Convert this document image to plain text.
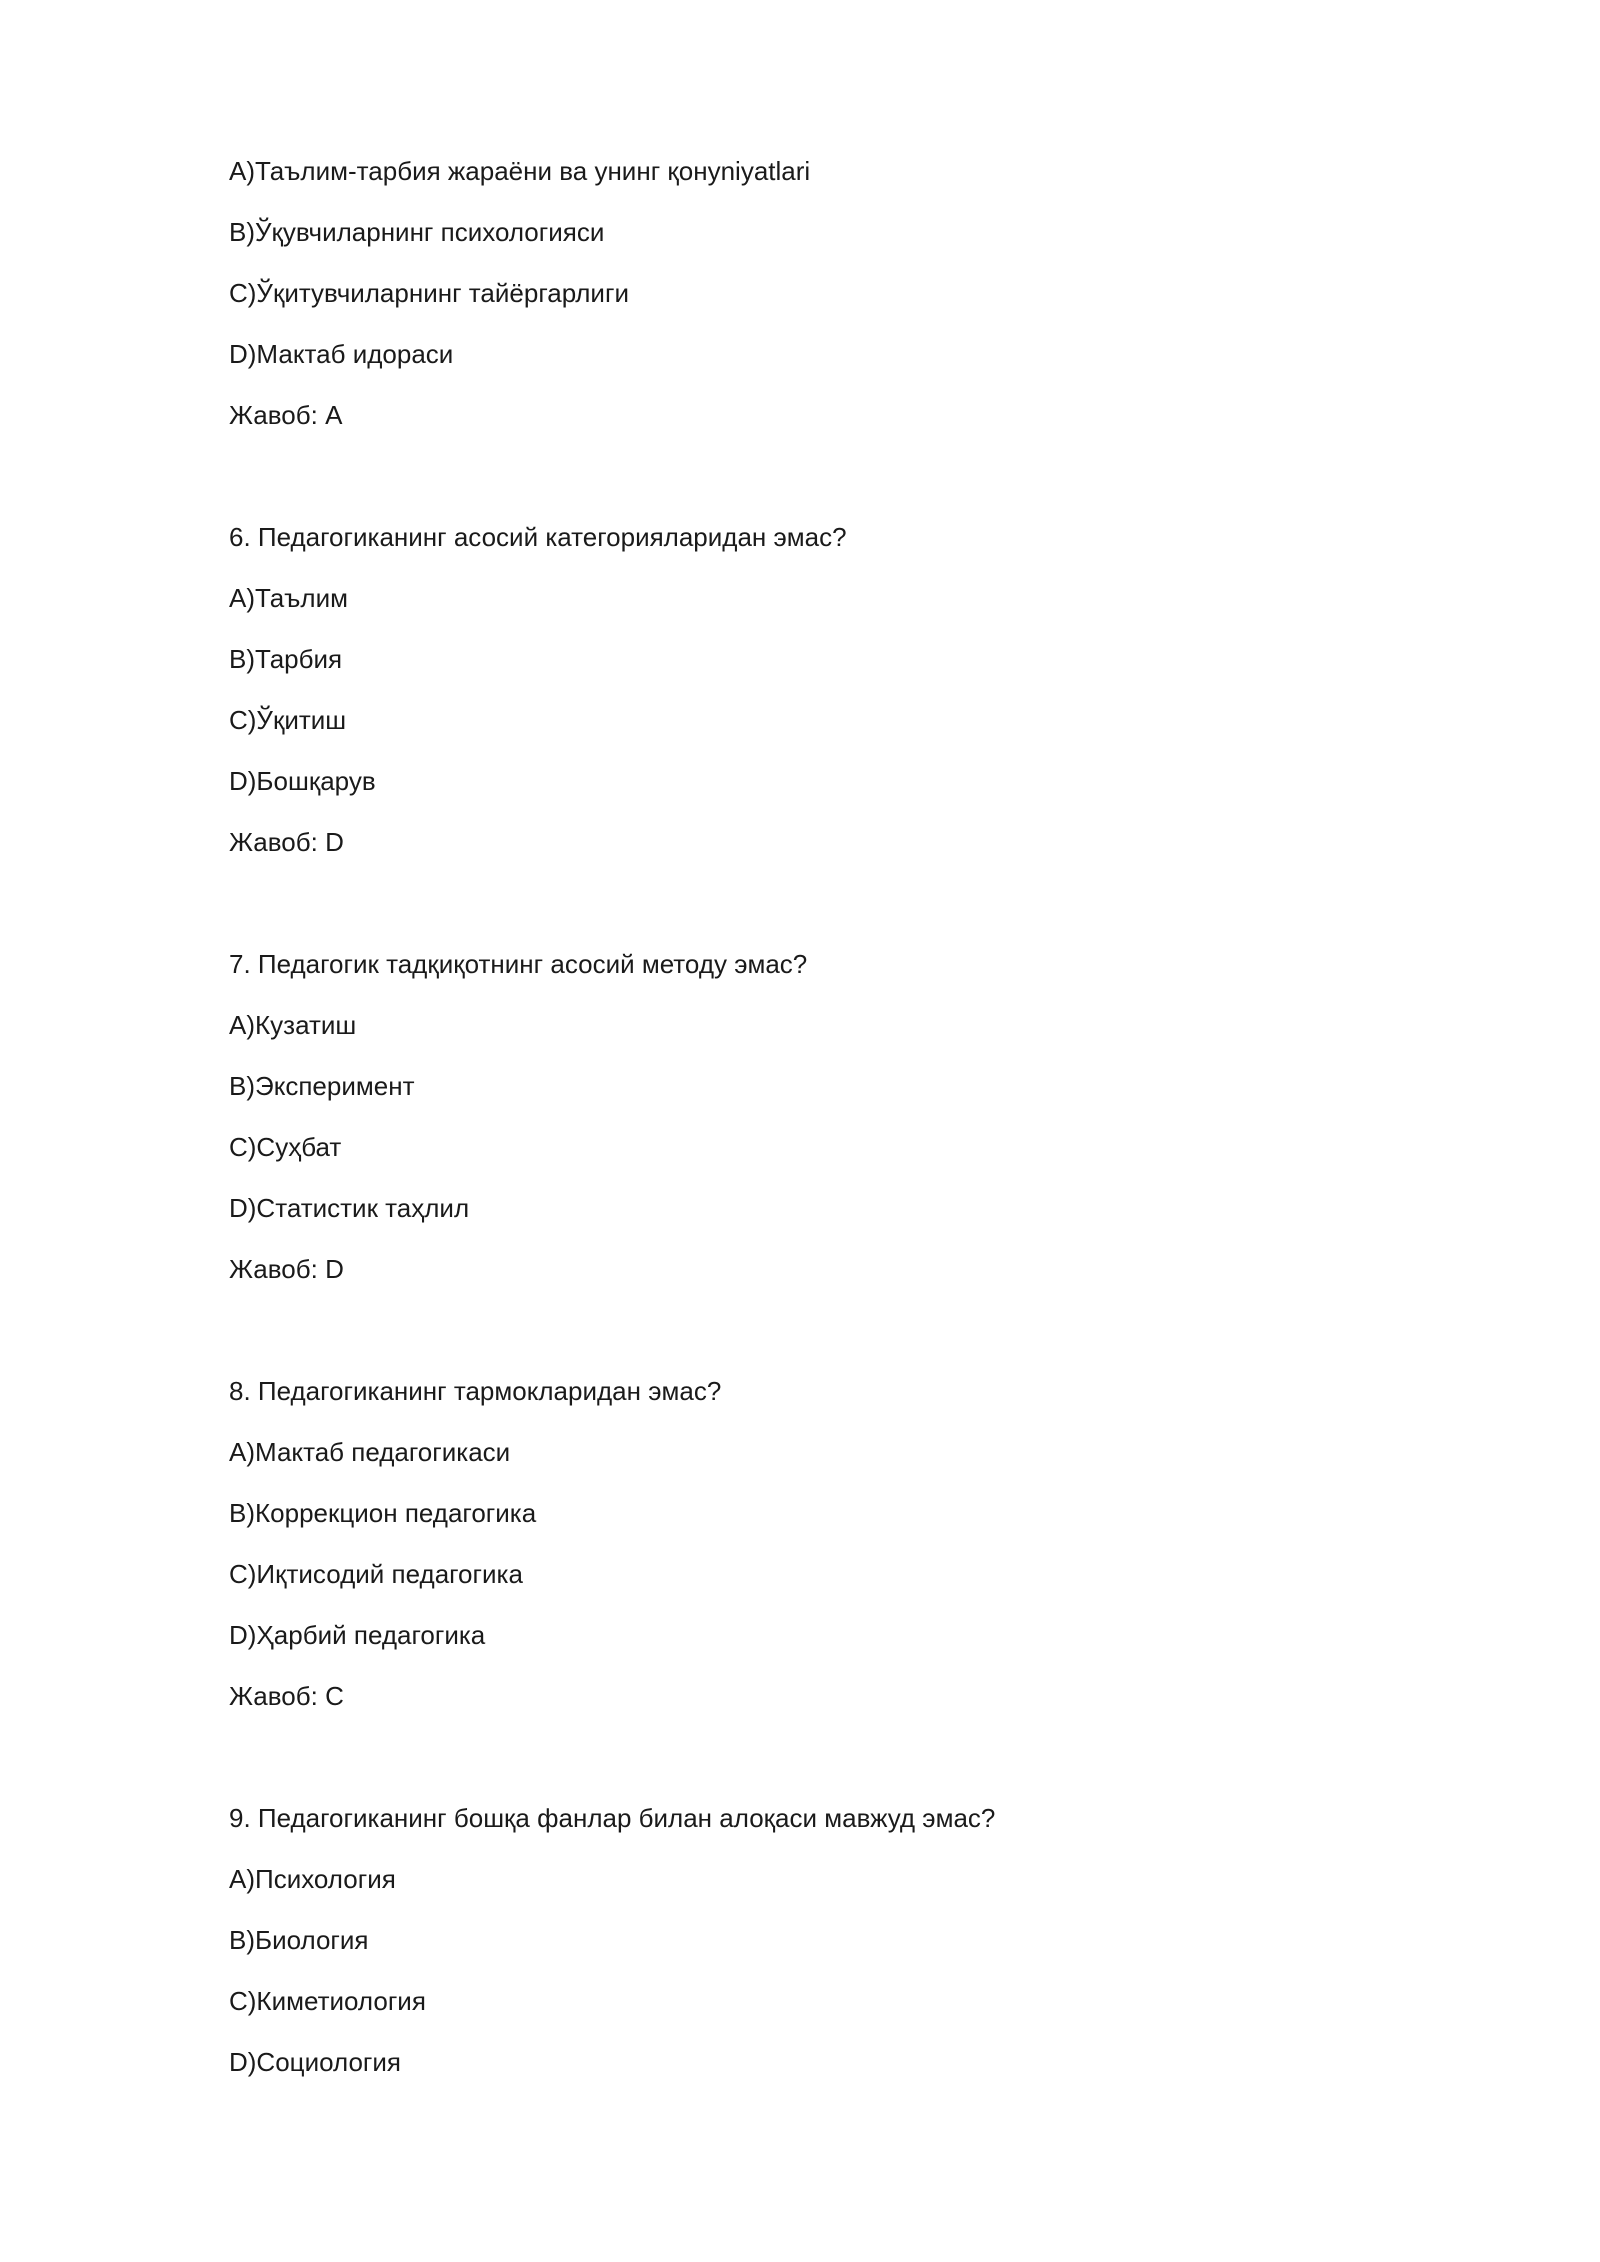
A)Таълим-тарбия жараёни ва унинг қонуniyatlari
B)Ўқувчиларнинг психологияси
C)Ўқитувчиларнинг тайёргарлиги
D)Мактаб идораси
Жавоб: A
6. Педагогиканинг асосий категорияларидан эмас?
A)Таълим
B)Тарбия
C)Ўқитиш
D)Бошқарув
Жавоб: D
7. Педагогик тадқиқотнинг асосий методу эмас?
A)Кузатиш
B)Эксперимент
C)Суҳбат
D)Статистик таҳлил
Жавоб: D
8. Педагогиканинг тармокларидан эмас?
A)Мактаб педагогикаси
B)Коррекцион педагогика
C)Иқтисодий педагогика
D)Ҳарбий педагогика
Жавоб: C
9. Педагогиканинг бошқа фанлар билан алоқаси мавжуд эмас?
A)Психология
B)Биология
C)Киметиология
D)Социология
